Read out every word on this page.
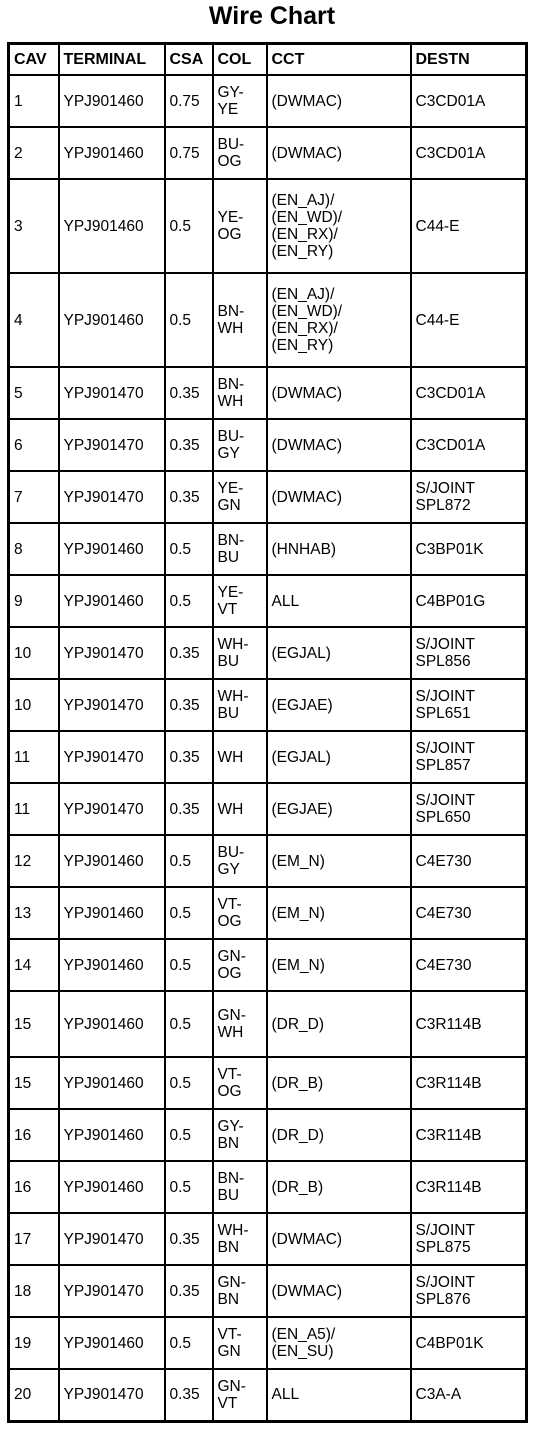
Wire Chart
CAV	TERMINAL	CSA	COL	CCT	DESTN
1	YPJ901460	0.75	GY-
YE	(DWMAC)	C3CD01A

2	YPJ901460	0.75	BU-
OG	(DWMAC)	C3CD01A

3	YPJ901460	0.5	YE-
OG	(EN_AJ)/
(EN_WD)/
(EN_RX)/
(EN_RY)	C44-E

4	YPJ901460	0.5	BN-
WH	(EN_AJ)/
(EN_WD)/
(EN_RX)/
(EN_RY)	C44-E

5	YPJ901470	0.35	BN-
WH	(DWMAC)	C3CD01A

6	YPJ901470	0.35	BU-
GY	(DWMAC)	C3CD01A

7	YPJ901470	0.35	YE-
GN	(DWMAC)	S/JOINT
SPL872

8	YPJ901460	0.5	BN-
BU	(HNHAB)	C3BP01K

9	YPJ901460	0.5	YE-
VT	ALL	C4BP01G

10	YPJ901470	0.35	WH-
BU	(EGJAL)	S/JOINT
SPL856

10	YPJ901470	0.35	WH-
BU	(EGJAE)	S/JOINT
SPL651

11	YPJ901470	0.35	WH	(EGJAL)	S/JOINT
SPL857

11	YPJ901470	0.35	WH	(EGJAE)	S/JOINT
SPL650

12	YPJ901460	0.5	BU-
GY	(EM_N)	C4E730

13	YPJ901460	0.5	VT-
OG	(EM_N)	C4E730

14	YPJ901460	0.5	GN-
OG	(EM_N)	C4E730

15	YPJ901460	0.5	GN-
WH	(DR_D)	C3R114B

15	YPJ901460	0.5	VT-
OG	(DR_B)	C3R114B

16	YPJ901460	0.5	GY-
BN	(DR_D)	C3R114B

16	YPJ901460	0.5	BN-
BU	(DR_B)	C3R114B

17	YPJ901470	0.35	WH-
BN	(DWMAC)	S/JOINT
SPL875

18	YPJ901470	0.35	GN-
BN	(DWMAC)	S/JOINT
SPL876

19	YPJ901460	0.5	VT-
GN	(EN_A5)/
(EN_SU)	C4BP01K

20	YPJ901470	0.35	GN-
VT	ALL	C3A-A
